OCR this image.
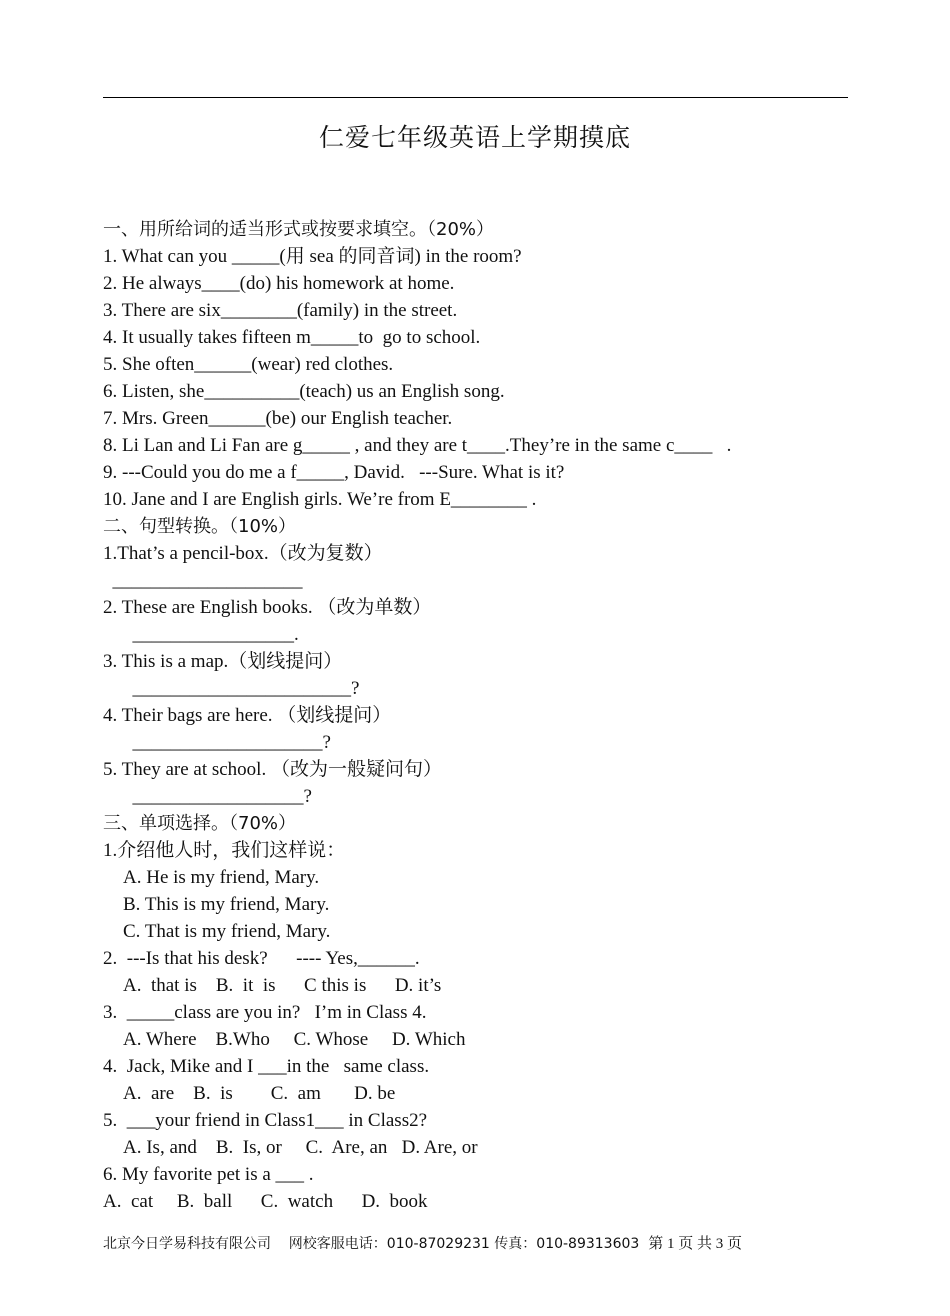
仁爱七年级英语上学期摸底
一、用所给词的适当形式或按要求填空。（20%）
1. What can you _____(用 sea 的同音词) in the room?
2. He always____(do) his homework at home.
3. There are six________(family) in the street.
4. It usually takes fifteen m_____to  go to school.
5. She often______(wear) red clothes.
6. Listen, she__________(teach) us an English song.
7. Mrs. Green______(be) our English teacher.
8. Li Lan and Li Fan are g_____ , and they are t____.They’re in the same c____   .
9. ---Could you do me a f_____, David.   ---Sure. What is it?
10. Jane and I are English girls. We’re from E________ .
二、句型转换。（10%）
1.That’s a pencil-box.（改为复数）
____________________
2. These are English books. （改为单数）
_________________.
3. This is a map.（划线提问）
_______________________?
4. Their bags are here. （划线提问）
____________________?
5. They are at school. （改为一般疑问句）
__________________?
三、单项选择。（70%）
1.介绍他人时，我们这样说：
A. He is my friend, Mary.
B. This is my friend, Mary.
C. That is my friend, Mary.
2.  ---Is that his desk?      ---- Yes,______.
A.  that is    B.  it  is      C this is      D. it’s
3.  _____class are you in?   I’m in Class 4.
A. Where    B.Who     C. Whose     D. Which
4.  Jack, Mike and I ___in the   same class.
A.  are    B.  is        C.  am       D. be
5.  ___your friend in Class1___ in Class2?
A. Is, and    B.  Is, or     C.  Are, an   D. Are, or
6. My favorite pet is a ___ .
A.  cat     B.  ball      C.  watch      D.  book
北京今日学易科技有限公司    网校客服电话：010-87029231 传真：010-89313603 第 1 页 共 3 页
